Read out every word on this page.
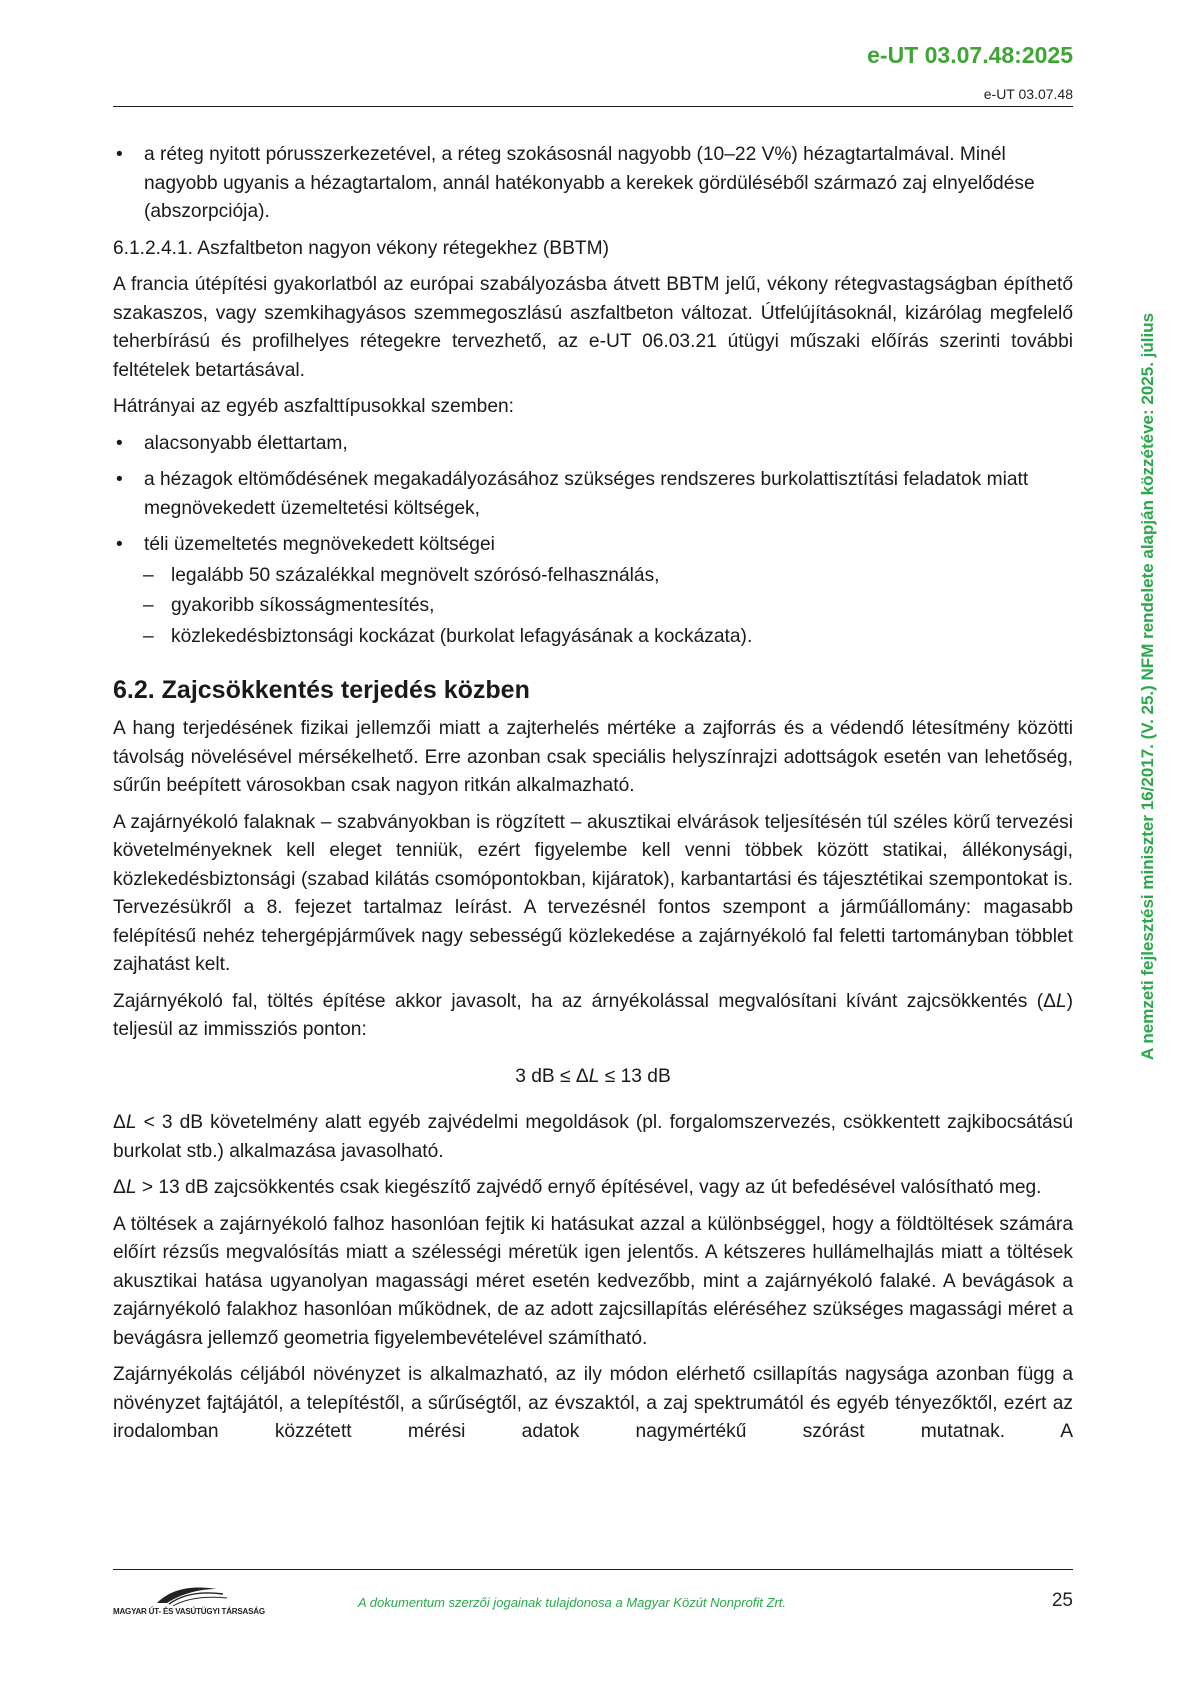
e-UT 03.07.48:2025
e-UT 03.07.48
A nemzeti fejlesztési miniszter 16/2017. (V. 25.) NFM rendelete alapján közzétéve: 2025. július
• a réteg nyitott pórusszerkezetével, a réteg szokásosnál nagyobb (10–22 V%) hézagtartalmával. Minél nagyobb ugyanis a hézagtartalom, annál hatékonyabb a kerekek gördüléséből származó zaj elnyelődése (abszorpciója).

6.1.2.4.1. Aszfaltbeton nagyon vékony rétegekhez (BBTM)

A francia útépítési gyakorlatból az európai szabályozásba átvett BBTM jelű, vékony rétegvastagságban építhető szakaszos, vagy szemkihagyásos szemmegoszlású aszfaltbeton változat. Útfelújításoknál, kizárólag megfelelő teherbírású és profilhelyes rétegekre tervezhető, az e-UT 06.03.21 útügyi műszaki előírás szerinti további feltételek betartásával.

Hátrányai az egyéb aszfalttípusokkal szemben:

• alacsonyabb élettartam,
• a hézagok eltömődésének megakadályozásához szükséges rendszeres burkolattisztítási feladatok miatt megnövekedett üzemeltetési költségek,
• téli üzemeltetés megnövekedett költségei
– legalább 50 százalékkal megnövelt szórósó-felhasználás,
– gyakoribb síkosságmentesítés,
– közlekedésbiztonsági kockázat (burkolat lefagyásának a kockázata).
6.2. Zajcsökkentés terjedés közben

A hang terjedésének fizikai jellemzői miatt a zajterhelés mértéke a zajforrás és a védendő létesítmény közötti távolság növelésével mérsékelhető. Erre azonban csak speciális helyszínrajzi adottságok esetén van lehetőség, sűrűn beépített városokban csak nagyon ritkán alkalmazható.

A zajárnyékoló falaknak – szabványokban is rögzített – akusztikai elvárások teljesítésén túl széles körű tervezési követelményeknek kell eleget tenniük, ezért figyelembe kell venni többek között statikai, állékonysági, közlekedésbiztonsági (szabad kilátás csomópontokban, kijáratok), karbantartási és tájesztétikai szempontokat is. Tervezésükről a 8. fejezet tartalmaz leírást. A tervezésnél fontos szempont a járműállomány: magasabb felépítésű nehéz tehergépjárművek nagy sebességű közlekedése a zajárnyékoló fal feletti tartományban többlet zajhatást kelt.

Zajárnyékoló fal, töltés építése akkor javasolt, ha az árnyékolással megvalósítani kívánt zajcsökkentés (ΔL) teljesül az immissziós ponton:

3 dB ≤ ΔL ≤ 13 dB

ΔL < 3 dB követelmény alatt egyéb zajvédelmi megoldások (pl. forgalomszervezés, csökkentett zajkibocsátású burkolat stb.) alkalmazása javasolható.

ΔL > 13 dB zajcsökkentés csak kiegészítő zajvédő ernyő építésével, vagy az út befedésével valósítható meg.

A töltések a zajárnyékoló falhoz hasonlóan fejtik ki hatásukat azzal a különbséggel, hogy a földtöltések számára előírt rézsűs megvalósítás miatt a szélességi méretük igen jelentős. A kétszeres hullámelhajlás miatt a töltések akusztikai hatása ugyanolyan magassági méret esetén kedvezőbb, mint a zajárnyékoló falaké. A bevágások a zajárnyékoló falakhoz hasonlóan működnek, de az adott zajcsillapítás eléréséhez szükséges magassági méret a bevágásra jellemző geometria figyelembevételével számítható.

Zajárnyékolás céljából növényzet is alkalmazható, az ily módon elérhető csillapítás nagysága azonban függ a növényzet fajtájától, a telepítéstől, a sűrűségtől, az évszaktól, a zaj spektrumától és egyéb tényezőktől, ezért az irodalomban közzétett mérési adatok nagymértékű szórást mutatnak. A

MAGYAR ÚT- ÉS VASÚTÜGYI TÁRSASÁG
A dokumentum szerzői jogainak tulajdonosa a Magyar Közút Nonprofit Zrt.	25
